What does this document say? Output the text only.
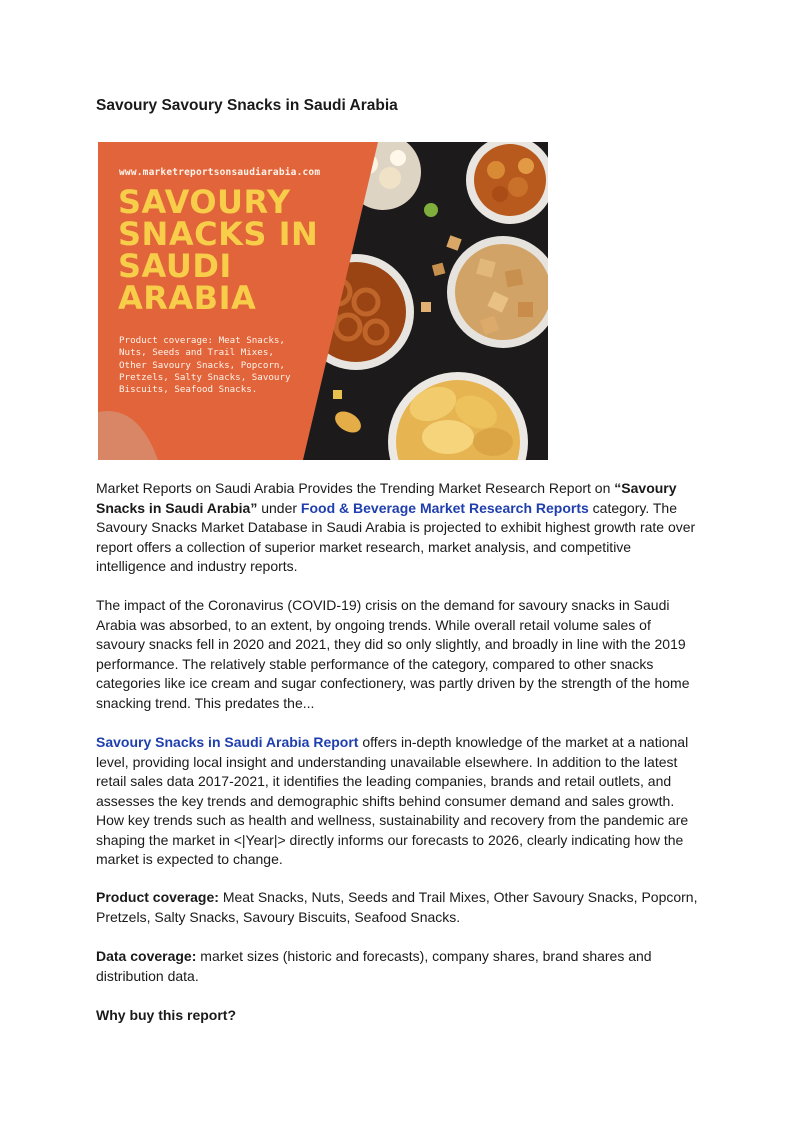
Savoury Savoury Snacks in Saudi Arabia
www.marketreportsonsaudiarabia.com
SAVOURY
SNACKS IN
SAUDI
ARABIA
Product coverage: Meat Snacks, Nuts, Seeds and Trail Mixes, Other Savoury Snacks, Popcorn, Pretzels, Salty Snacks, Savoury Biscuits, Seafood Snacks.

Market Reports on Saudi Arabia Provides the Trending Market Research Report on “Savoury Snacks in Saudi Arabia” under Food & Beverage Market Research Reports category. The Savoury Snacks Market Database in Saudi Arabia is projected to exhibit highest growth rate over report offers a collection of superior market research, market analysis, and competitive intelligence and industry reports.

The impact of the Coronavirus (COVID-19) crisis on the demand for savoury snacks in Saudi Arabia was absorbed, to an extent, by ongoing trends. While overall retail volume sales of savoury snacks fell in 2020 and 2021, they did so only slightly, and broadly in line with the 2019 performance. The relatively stable performance of the category, compared to other snacks categories like ice cream and sugar confectionery, was partly driven by the strength of the home snacking trend. This predates the...

Savoury Snacks in Saudi Arabia Report offers in-depth knowledge of the market at a national level, providing local insight and understanding unavailable elsewhere. In addition to the latest retail sales data 2017-2021, it identifies the leading companies, brands and retail outlets, and assesses the key trends and demographic shifts behind consumer demand and sales growth. How key trends such as health and wellness, sustainability and recovery from the pandemic are shaping the market in <|Year|> directly informs our forecasts to 2026, clearly indicating how the market is expected to change.

Product coverage: Meat Snacks, Nuts, Seeds and Trail Mixes, Other Savoury Snacks, Popcorn, Pretzels, Salty Snacks, Savoury Biscuits, Seafood Snacks.

Data coverage: market sizes (historic and forecasts), company shares, brand shares and distribution data.

Why buy this report?
